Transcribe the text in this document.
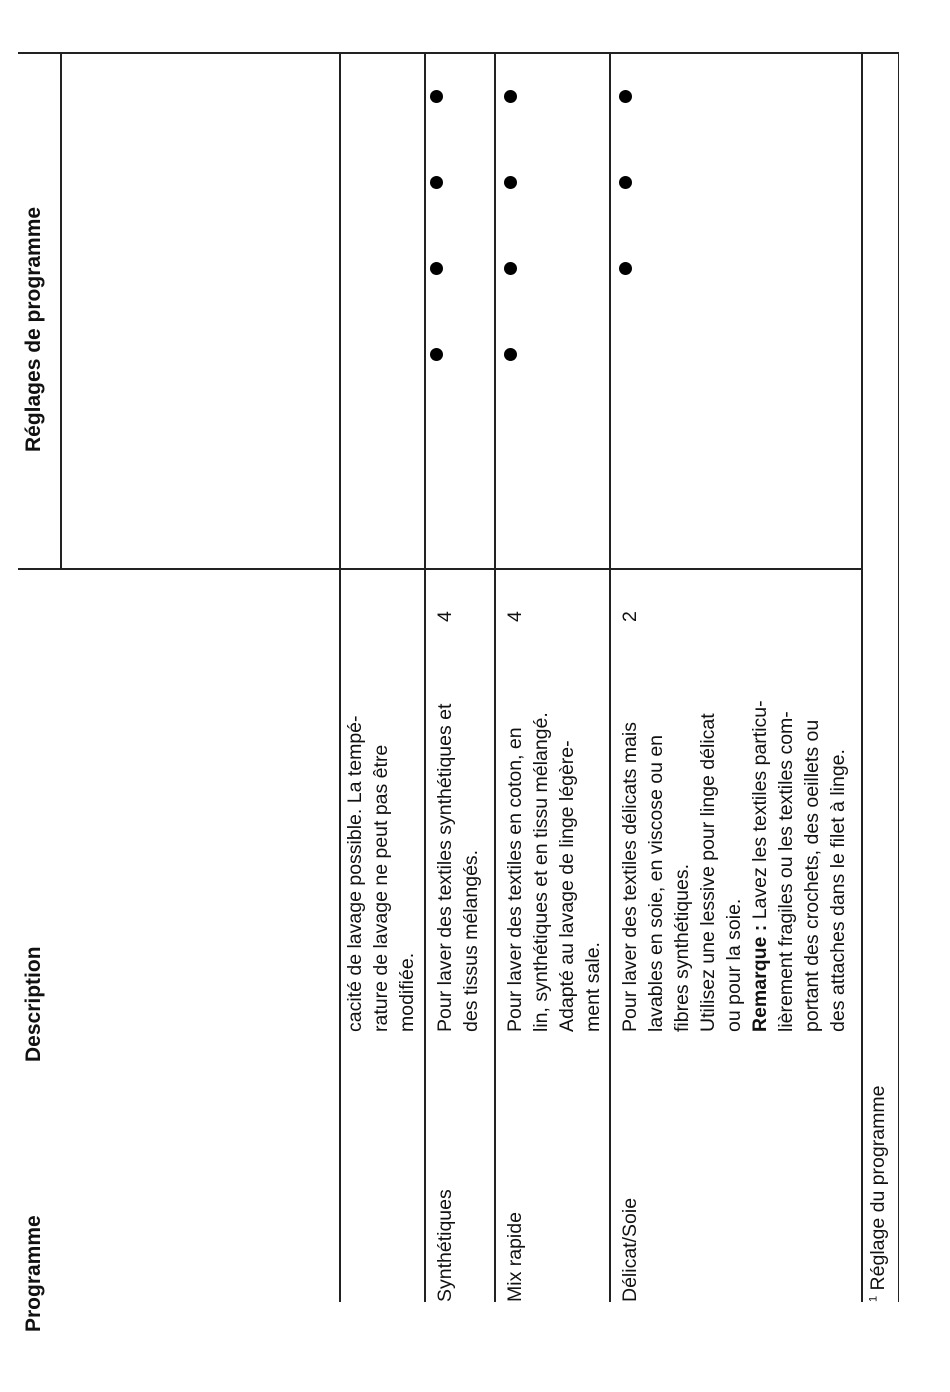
Programme
Description
Réglages de programme
cacité de lavage possible. La tempé- rature de lavage ne peut pas être modifiée.
Synthétiques
Pour laver des textiles synthétiques et des tissus mélangés.
4
Mix rapide
Pour laver des textiles en coton, en lin, synthétiques et en tissu mélangé. Adapté au lavage de linge légère- ment sale.
4
Délicat/Soie
Pour laver des textiles délicats mais lavables en soie, en viscose ou en fibres synthétiques. Utilisez une lessive pour linge délicat ou pour la soie. Remarque : Lavez les textiles particu- lièrement fragiles ou les textiles com- portant des crochets, des oeillets ou des attaches dans le filet à linge.
2
$^1$ Réglage du programme
